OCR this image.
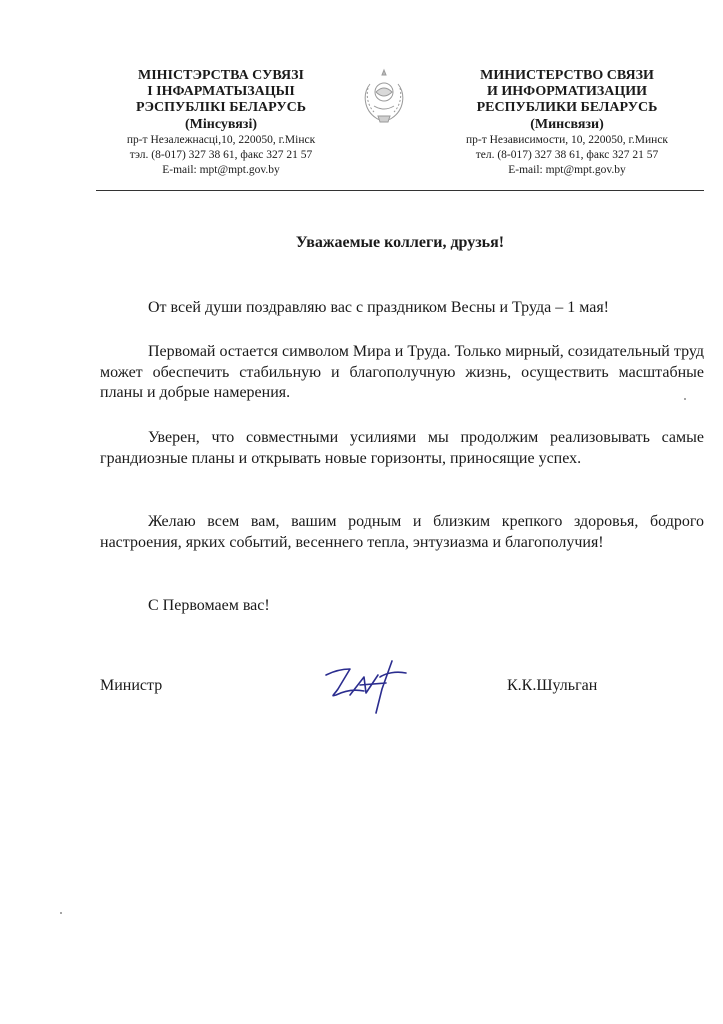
МІНІСТЭРСТВА СУВЯЗІ

І ІНФАРМАТЫЗАЦЫІ

РЭСПУБЛІКІ БЕЛАРУСЬ

(Мінсувязі)

пр-т Незалежнасці,10, 220050, г.Мінск

тэл. (8-017) 327 38 61, факс 327 21 57

E-mail: mpt@mpt.gov.by

МИНИСТЕРСТВО СВЯЗИ

И ИНФОРМАТИЗАЦИИ

РЕСПУБЛИКИ БЕЛАРУСЬ

(Минсвязи)

пр-т Независимости, 10, 220050, г.Минск

тел. (8-017) 327 38 61, факс 327 21 57

E-mail: mpt@mpt.gov.by

Уважаемые коллеги, друзья!

От всей души поздравляю вас с праздником Весны и Труда – 1 мая!

Первомай остается символом Мира и Труда. Только мирный, созидательный труд может обеспечить стабильную и благополучную жизнь, осуществить масштабные планы и добрые намерения.

Уверен, что совместными усилиями мы продолжим реализовывать самые грандиозные планы и открывать новые горизонты, приносящие успех.

Желаю всем вам, вашим родным и близким крепкого здоровья, бодрого настроения, ярких событий, весеннего тепла, энтузиазма и благополучия!

С Первомаем вас!

Министр	К.К.Шульган
